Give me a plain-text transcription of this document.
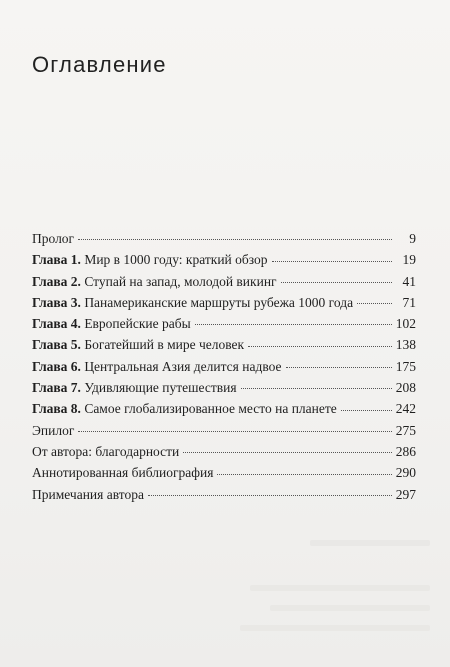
Оглавление
Пролог	9
Глава 1. Мир в 1000 году: краткий обзор	19
Глава 2. Ступай на запад, молодой викинг	41
Глава 3. Панамериканские маршруты рубежа 1000 года	71
Глава 4. Европейские рабы	102
Глава 5. Богатейший в мире человек	138
Глава 6. Центральная Азия делится надвое	175
Глава 7. Удивляющие путешествия	208
Глава 8. Самое глобализированное место на планете	242
Эпилог	275
От автора: благодарности	286
Аннотированная библиография	290
Примечания автора	297
